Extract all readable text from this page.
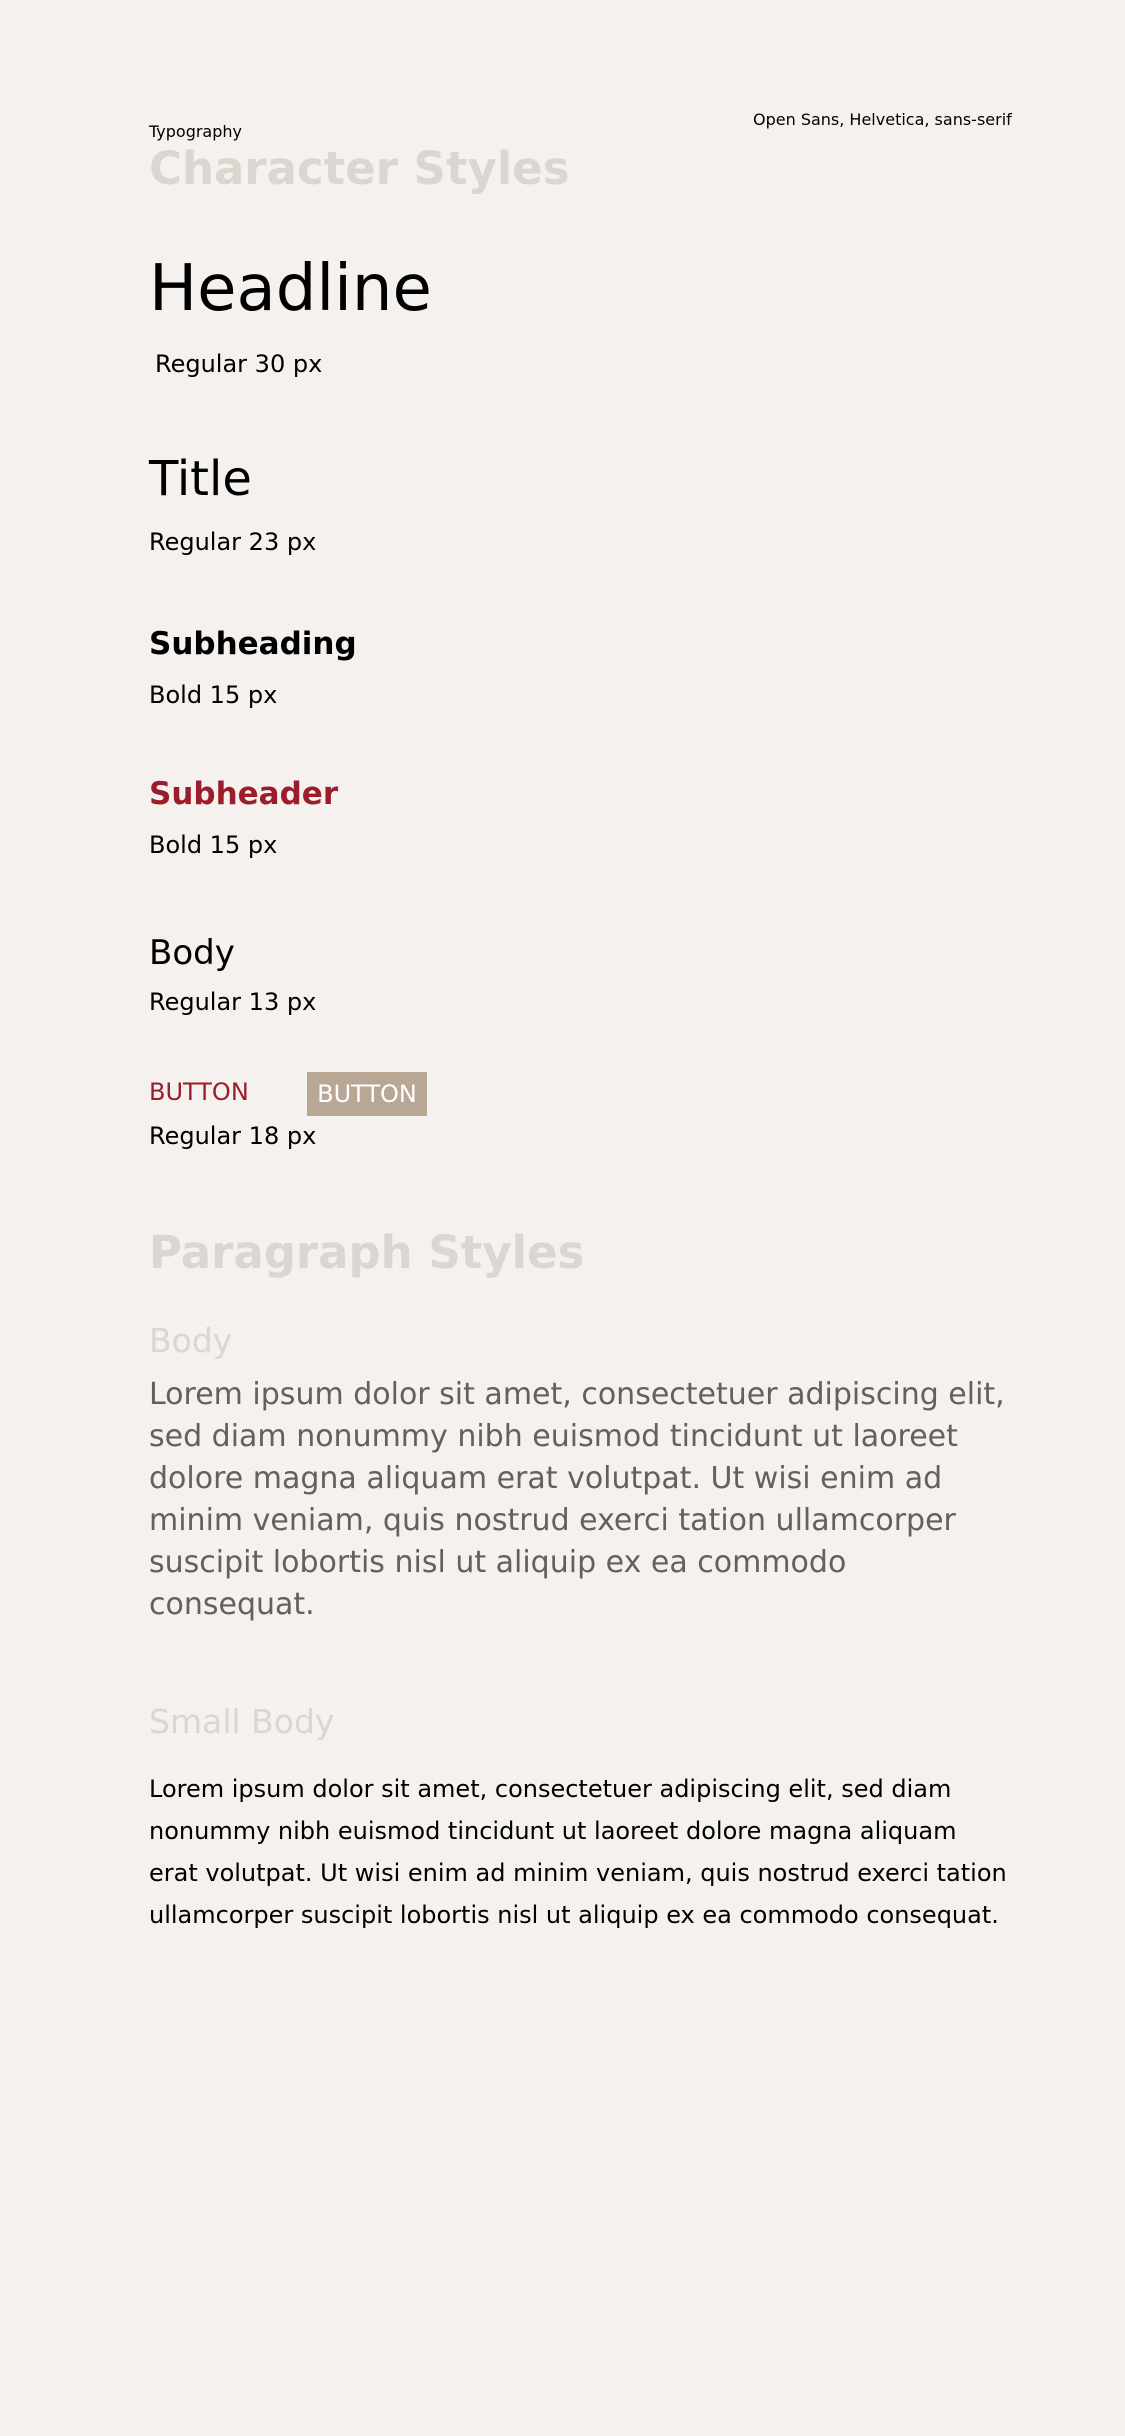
Typography

Open Sans, Helvetica, sans-serif

Character Styles

Headline

Regular 30 px

Title

Regular 23 px

Subheading

Bold 15 px

Subheader

Bold 15 px

Body

Regular 13 px

BUTTON	BUTTON

Regular 18 px

Paragraph Styles

Body

Lorem ipsum dolor sit amet, consectetuer adipiscing elit, sed diam nonummy nibh euismod tincidunt ut laoreet dolore magna aliquam erat volutpat. Ut wisi enim ad minim veniam, quis nostrud exerci tation ullamcorper suscipit lobortis nisl ut aliquip ex ea commodo consequat.

Small Body

Lorem ipsum dolor sit amet, consectetuer adipiscing elit, sed diam nonummy nibh euismod tincidunt ut laoreet dolore magna aliquam erat volutpat. Ut wisi enim ad minim veniam, quis nostrud exerci tation ullamcorper suscipit lobortis nisl ut aliquip ex ea commodo consequat.
